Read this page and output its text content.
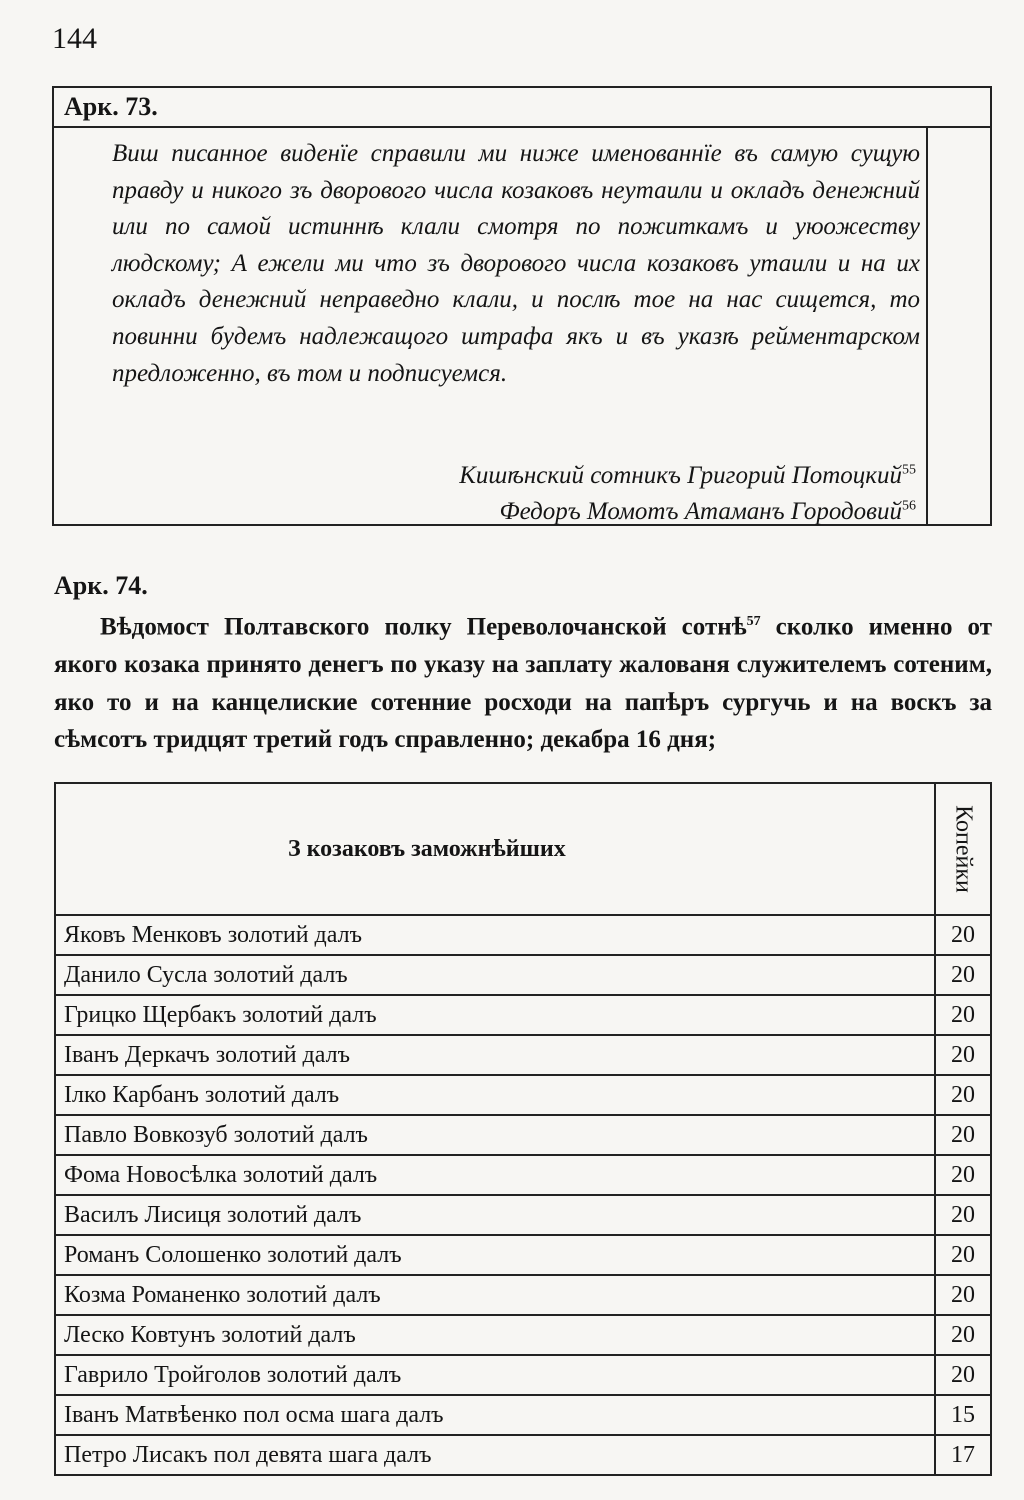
144
Арк. 73.
Виш писанное виденїе справили ми ниже именованнїе въ самую сущую правду и никого зъ дворового числа козаковъ неутаили и окладъ денежний или по самой истиннѣ клали смотря по пожиткамъ и уюожеству людскому; А ежели ми что зъ дворового числа козаковъ утаили и на их окладъ денежний неправедно клали, и послѣ тое на нас сищется, то повинни будемъ надлежащого штрафа якъ и въ указѣ рейментарском предложенно, въ том и подписуемся.
Кишѣнский сотникъ Григорий Потоцкий$^{55}$
Федоръ Момотъ Атаманъ Городовий$^{56}$
Арк. 74.
Вѣдомост Полтавского полку Переволочанской сотнѣ$^{57}$ сколко именно от якого козака принято денегъ по указу на заплату жалованя служителемъ сотеним, яко то и на канцелиские сотенние росходи на папѣръ сургучь и на воскъ за сѣмсотъ тридцят третий годъ справленно; декабра 16 дня;
З козаковъ заможнѣйших	Копейки

Яковъ Менковъ золотий далъ	20
Данило Сусла золотий далъ	20
Грицко Щербакъ золотий далъ	20
Іванъ Деркачъ золотий далъ	20
Ілко Карбанъ золотий далъ	20
Павло Вовкозуб золотий далъ	20
Фома Новосѣлка золотий далъ	20
Василъ Лисиця золотий далъ	20
Романъ Солошенко золотий далъ	20
Козма Романенко золотий далъ	20
Леско Ковтунъ золотий далъ	20
Гаврило Тройголов золотий далъ	20
Іванъ Матвѣенко пол осма шага далъ	15
Петро Лисакъ пол девята шага далъ	17
